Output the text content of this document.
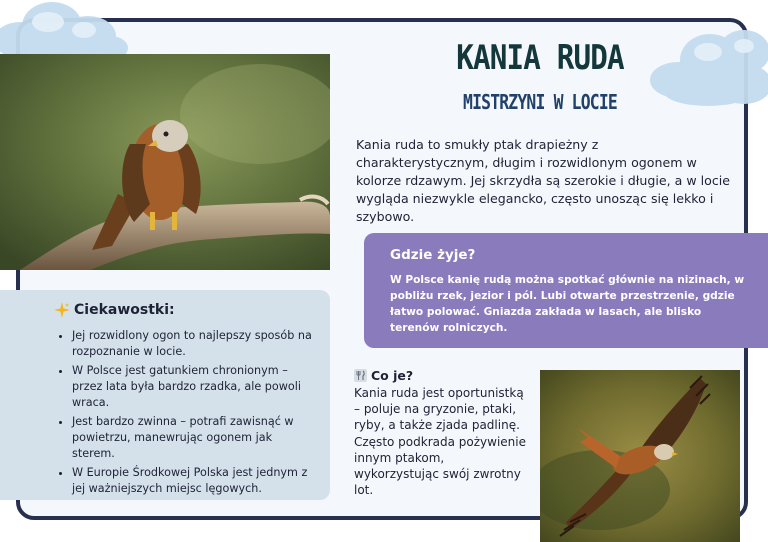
KANIA RUDA
MISTRZYNI W LOCIE
Kania ruda to smukły ptak drapieżny z charakterystycznym, długim i rozwidlonym ogonem w kolorze rdzawym. Jej skrzydła są szerokie i długie, a w locie wygląda niezwykle elegancko, często unosząc się lekko i szybowo.
Gdzie żyje?

W Polsce kanię rudą można spotkać głównie na nizinach, w pobliżu rzek, jezior i pól. Lubi otwarte przestrzenie, gdzie łatwo polować. Gniazda zakłada w lasach, ale blisko terenów rolniczych.

Ciekawostki:
• Jej rozwidlony ogon to najlepszy sposób na rozpoznanie w locie.
• W Polsce jest gatunkiem chronionym – przez lata była bardzo rzadka, ale powoli wraca.
• Jest bardzo zwinna – potrafi zawisnąć w powietrzu, manewrując ogonem jak sterem.
• W Europie Środkowej Polska jest jednym z jej ważniejszych miejsc lęgowych.
Co je?

Kania ruda jest oportunistką – poluje na gryzonie, ptaki, ryby, a także zjada padlinę. Często podkrada pożywienie innym ptakom, wykorzystując swój zwrotny lot.
